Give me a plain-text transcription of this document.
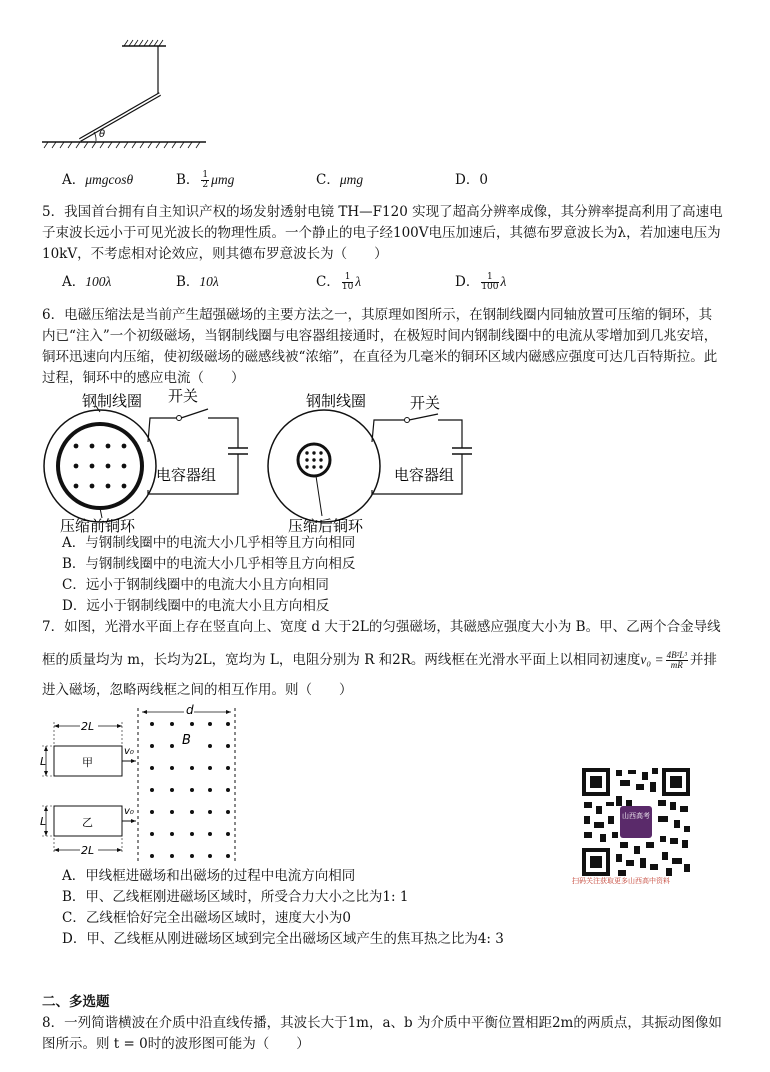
θ
A．μmgcosθ	B． $\frac{1}{2}$ μmg	C．μmg	D．0
5．我国首台拥有自主知识产权的场发射透射电镜 TH—F120 实现了超高分辨率成像，其分辨率提高利用了高速电
子束波长远小于可见光波长的物理性质。一个静止的电子经100V电压加速后，其德布罗意波长为λ，若加速电压为
10kV，不考虑相对论效应，则其德布罗意波长为（　　）
A．100λ	B．10λ	C． $\frac{1}{10}$ λ	D． $\frac{1}{100}$ λ
6．电磁压缩法是当前产生超强磁场的主要方法之一，其原理如图所示，在钢制线圈内同轴放置可压缩的铜环，其
内已“注入”一个初级磁场，当钢制线圈与电容器组接通时，在极短时间内钢制线圈中的电流从零增加到几兆安培，
铜环迅速向内压缩，使初级磁场的磁感线被“浓缩”，在直径为几毫米的铜环区域内磁感应强度可达几百特斯拉。此
过程，铜环中的感应电流（　　）
钢制线圈 开关
电容器组
压缩前铜环
钢制线圈	开关
电容器组
压缩后铜环
A．与钢制线圈中的电流大小几乎相等且方向相同
B．与钢制线圈中的电流大小几乎相等且方向相反
C．远小于钢制线圈中的电流大小且方向相同
D．远小于钢制线圈中的电流大小且方向相反
7．如图，光滑水平面上存在竖直向上、宽度 d 大于2L的匀强磁场，其磁感应强度大小为 B。甲、乙两个合金导线
框的质量均为 m，长均为2L，宽均为 L，电阻分别为 R 和2R。两线框在光滑水平面上以相同初速度$v_0 = \frac{\text{4B²L³}}{mR}$ 并排
进入磁场，忽略两线框之间的相互作用。则（　　）
d
B
2L
甲
L
v₀
乙
L
v₀
2L
山西高考
扫码关注获取更多山西高中资料
A．甲线框进磁场和出磁场的过程中电流方向相同
B．甲、乙线框刚进磁场区域时，所受合力大小之比为1: 1
C．乙线框恰好完全出磁场区域时，速度大小为0
D．甲、乙线框从刚进磁场区域到完全出磁场区域产生的焦耳热之比为4: 3
二、多选题
8．一列简谐横波在介质中沿直线传播，其波长大于1m，a、b 为介质中平衡位置相距2m的两质点，其振动图像如
图所示。则 t = 0时的波形图可能为（　　）
